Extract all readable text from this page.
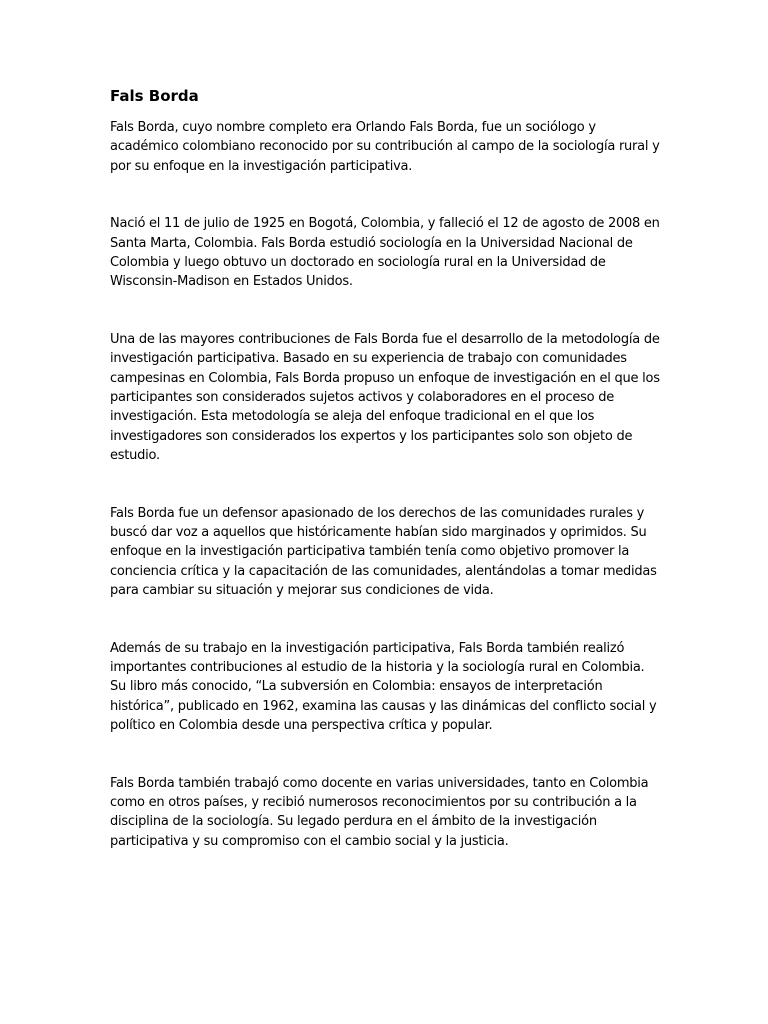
Fals Borda

Fals Borda, cuyo nombre completo era Orlando Fals Borda, fue un sociólogo y académico colombiano reconocido por su contribución al campo de la sociología rural y por su enfoque en la investigación participativa.

Nació el 11 de julio de 1925 en Bogotá, Colombia, y falleció el 12 de agosto de 2008 en Santa Marta, Colombia. Fals Borda estudió sociología en la Universidad Nacional de Colombia y luego obtuvo un doctorado en sociología rural en la Universidad de Wisconsin-Madison en Estados Unidos.

Una de las mayores contribuciones de Fals Borda fue el desarrollo de la metodología de investigación participativa. Basado en su experiencia de trabajo con comunidades campesinas en Colombia, Fals Borda propuso un enfoque de investigación en el que los participantes son considerados sujetos activos y colaboradores en el proceso de investigación. Esta metodología se aleja del enfoque tradicional en el que los investigadores son considerados los expertos y los participantes solo son objeto de estudio.

Fals Borda fue un defensor apasionado de los derechos de las comunidades rurales y buscó dar voz a aquellos que históricamente habían sido marginados y oprimidos. Su enfoque en la investigación participativa también tenía como objetivo promover la conciencia crítica y la capacitación de las comunidades, alentándolas a tomar medidas para cambiar su situación y mejorar sus condiciones de vida.

Además de su trabajo en la investigación participativa, Fals Borda también realizó importantes contribuciones al estudio de la historia y la sociología rural en Colombia. Su libro más conocido, “La subversión en Colombia: ensayos de interpretación histórica”, publicado en 1962, examina las causas y las dinámicas del conflicto social y político en Colombia desde una perspectiva crítica y popular.

Fals Borda también trabajó como docente en varias universidades, tanto en Colombia como en otros países, y recibió numerosos reconocimientos por su contribución a la disciplina de la sociología. Su legado perdura en el ámbito de la investigación participativa y su compromiso con el cambio social y la justicia.
